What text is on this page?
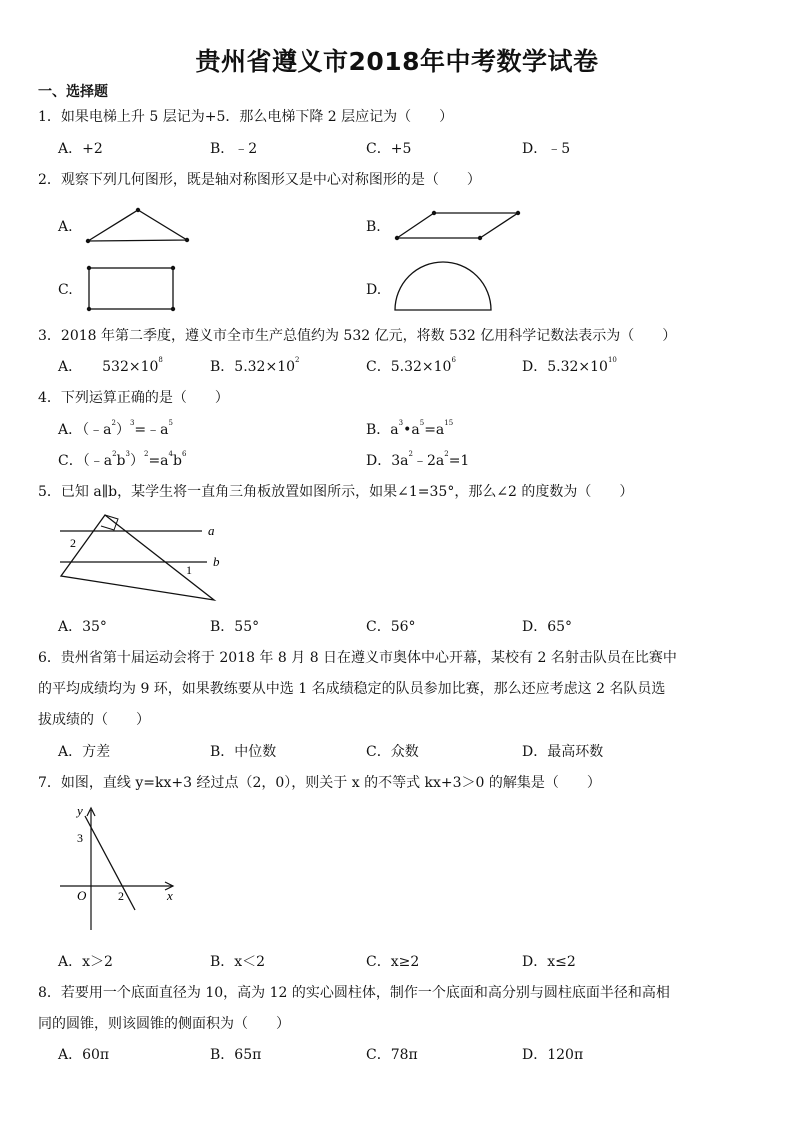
贵州省遵义市2018年中考数学试卷
一、选择题
1．如果电梯上升 5 层记为+5．那么电梯下降 2 层应记为（　　）
A．+2	B．﹣2	C．+5	D．﹣5
2．观察下列几何图形，既是轴对称图形又是中心对称图形的是（　　）
A.	B.
C.	D.
3．2018 年第二季度，遵义市全市生产总值约为 532 亿元，将数 532 亿用科学记数法表示为（　　）
A． $532\times 10^8$	B．$5.32\times 10^2$	C．$5.32\times 10^6$	D．$5.32\times 10^{10}$
4．下列运算正确的是（　　）
A．$(﹣a^2)^3=﹣a^5$	B．$a^3•a^5=a^{15}$
C．$(﹣a^2b^3)^2=a^4b^6$	D．$3a^2﹣2a^2=1$
5．已知 a∥b，某学生将一直角三角板放置如图所示，如果∠1=35°，那么∠2 的度数为（　　）
a
b
2
1
A．35°	B．55°	C．56°	D．65°
6．贵州省第十届运动会将于 2018 年 8 月 8 日在遵义市奥体中心开幕，某校有 2 名射击队员在比赛中
的平均成绩均为 9 环，如果教练要从中选 1 名成绩稳定的队员参加比赛，那么还应考虑这 2 名队员选
拔成绩的（　　）
A．方差	B．中位数	C．众数	D．最高环数
7．如图，直线 y=kx+3 经过点（2，0），则关于 x 的不等式 kx+3＞0 的解集是（　　）
y
x
O
3
2
A．x＞2	B．x＜2	C．x≥2	D．x≤2
8．若要用一个底面直径为 10，高为 12 的实心圆柱体，制作一个底面和高分别与圆柱底面半径和高相
同的圆锥，则该圆锥的侧面积为（　　）
A．60π	B．65π	C．78π	D．120π
